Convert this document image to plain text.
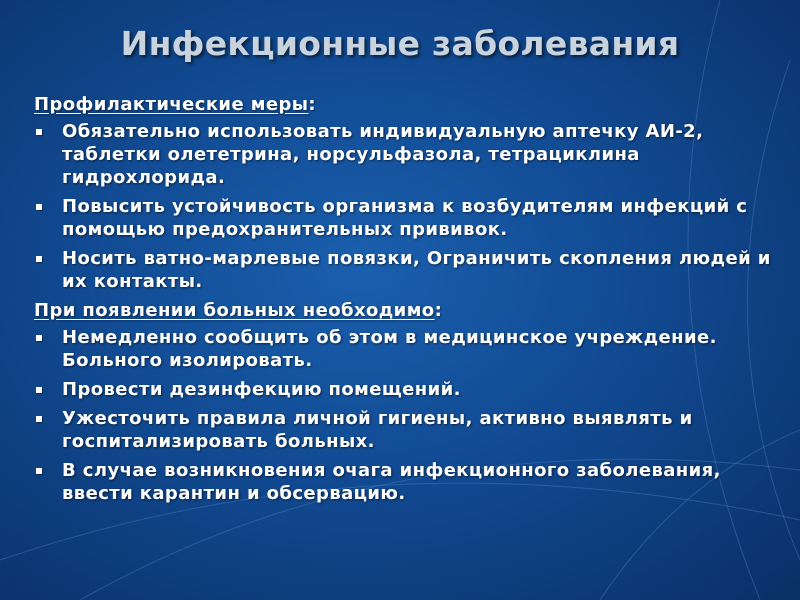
Инфекционные заболевания
Профилактические меры:
Обязательно использовать индивидуальную аптечку АИ-2, таблетки олететрина, норсульфазола, тетрациклина гидрохлорида.
Повысить устойчивость организма к возбудителям инфекций с помощью предохранительных прививок.
Носить ватно-марлевые повязки, Ограничить скопления людей и их контакты.
При появлении больных необходимо:
Немедленно сообщить об этом в медицинское учреждение. Больного изолировать.
Провести дезинфекцию помещений.
Ужесточить правила личной гигиены, активно выявлять и госпитализировать больных.
В случае возникновения очага инфекционного заболевания, ввести карантин и обсервацию.
